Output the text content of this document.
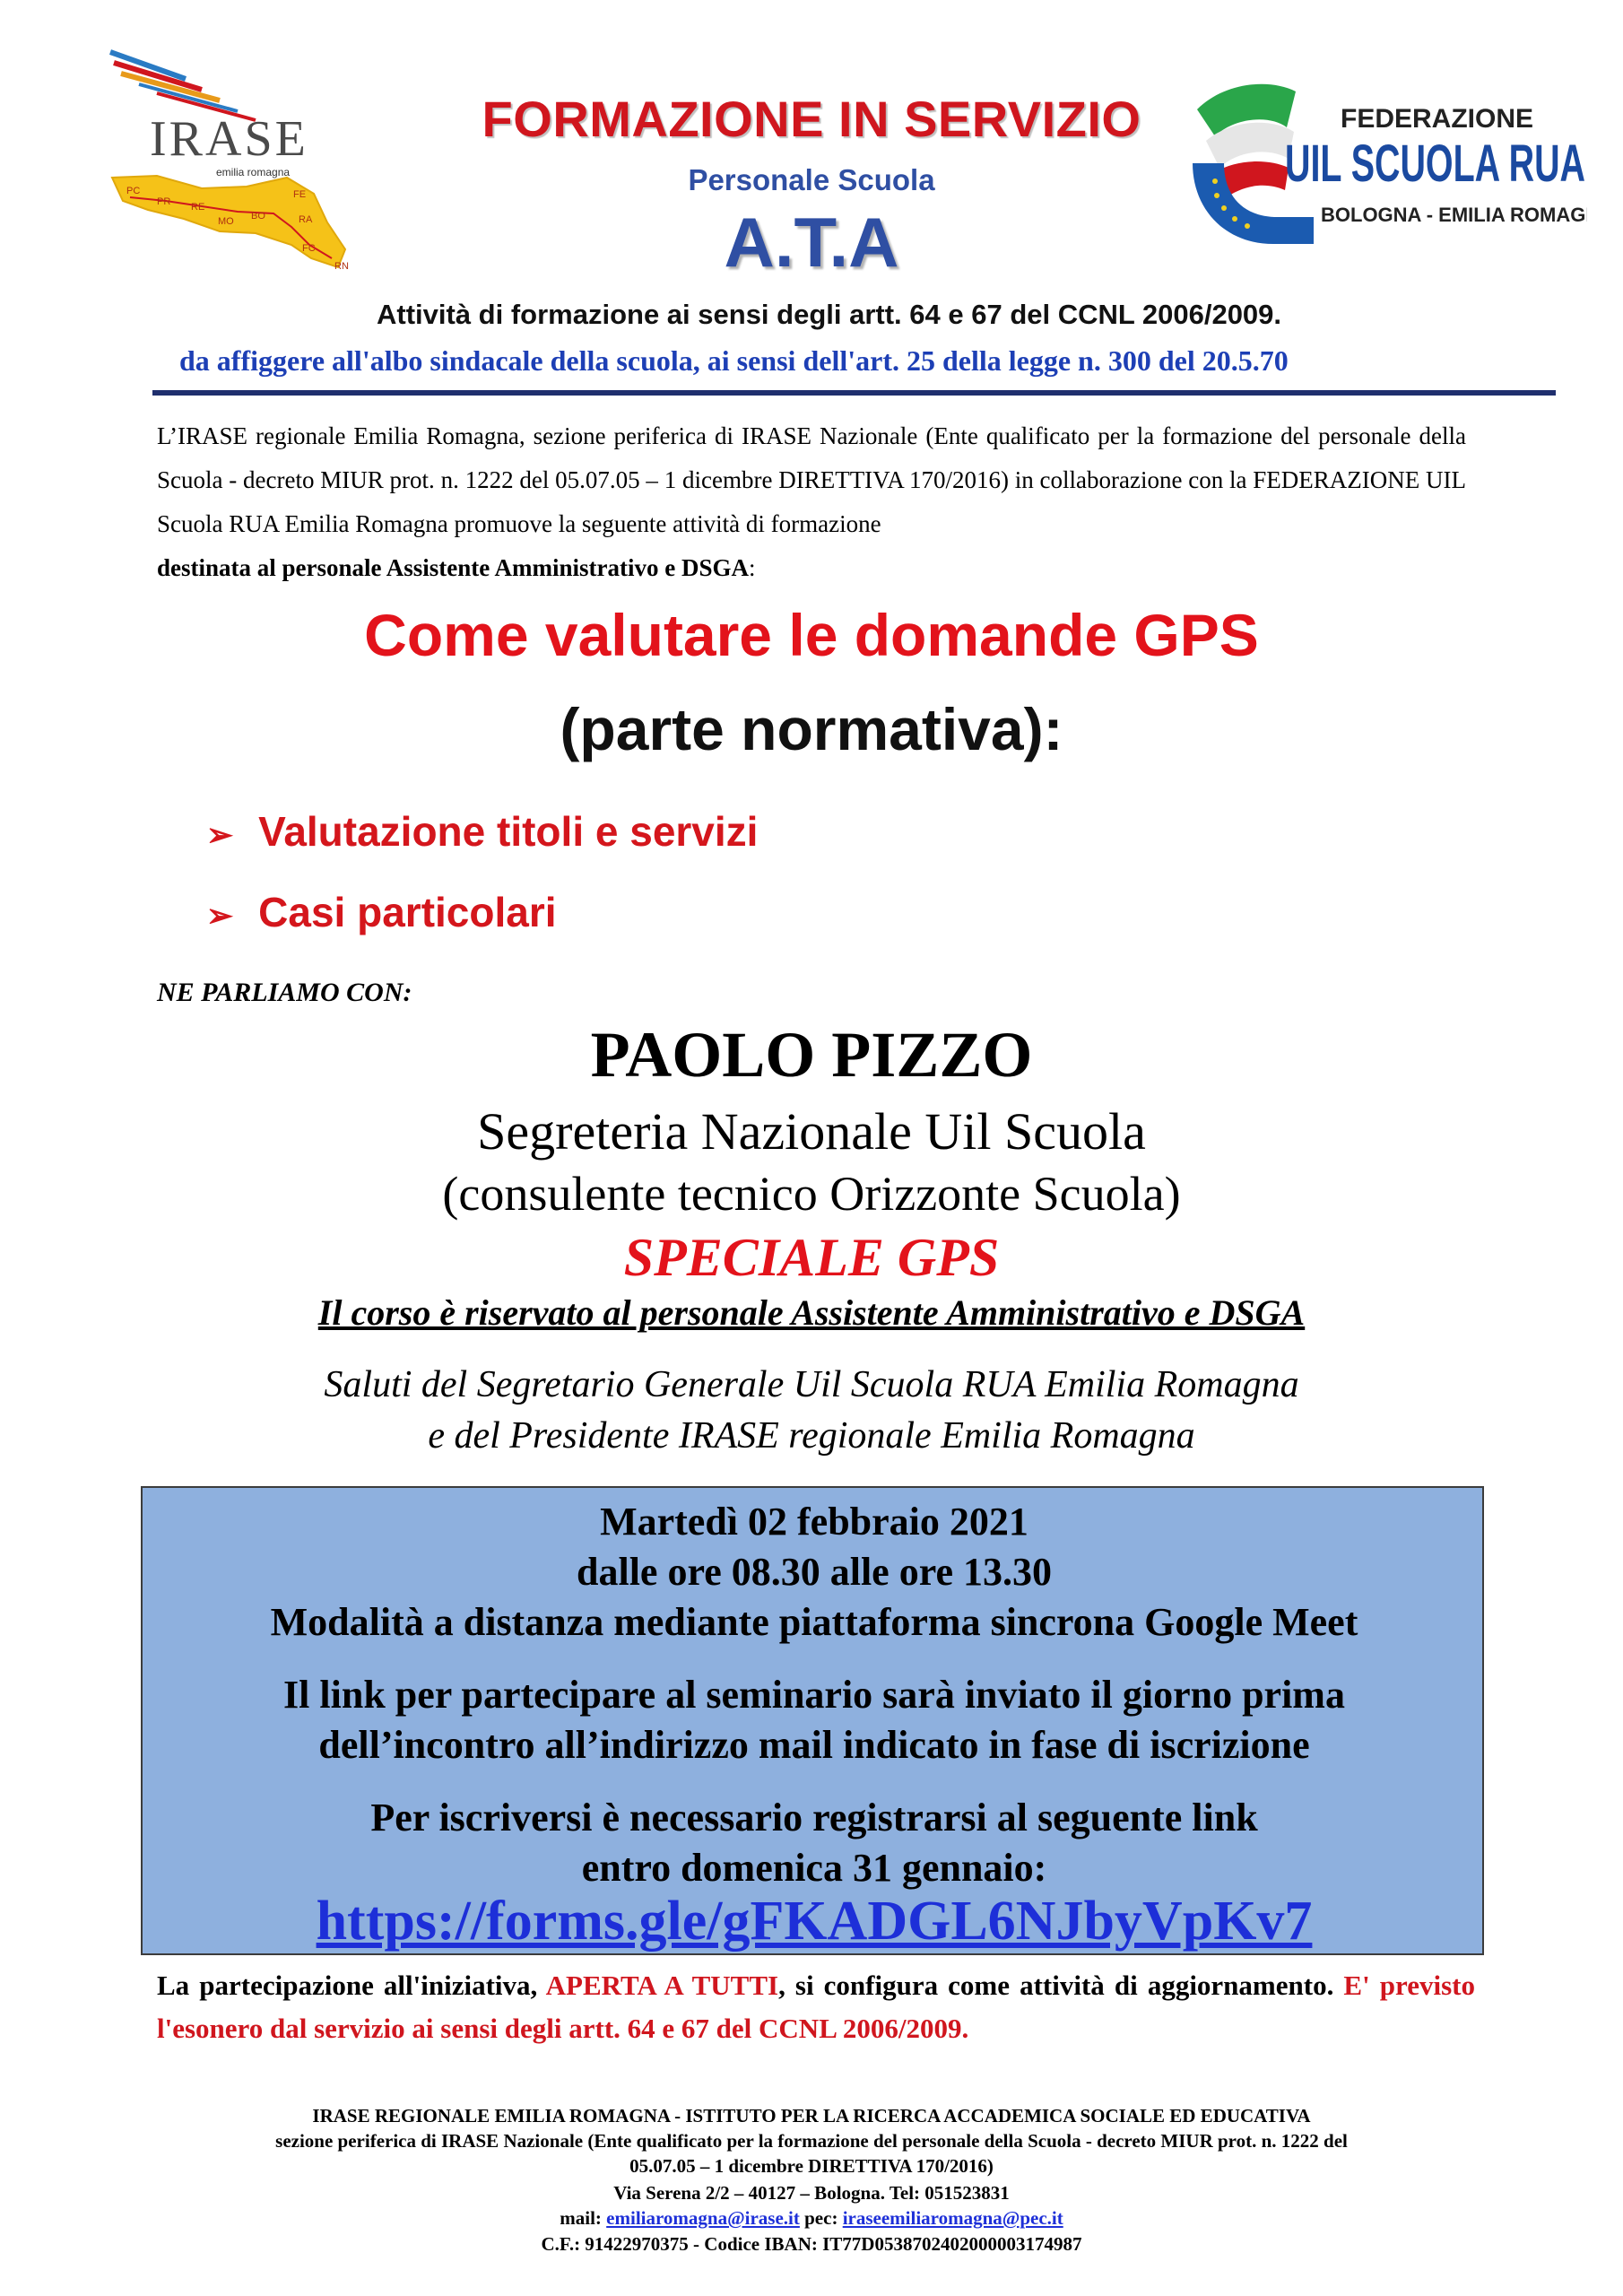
PC
PR RE
MO BO
FE
RA
FC
RN
IRASE
emilia romagna
FEDERAZIONE
UIL SCUOLA RUA
BOLOGNA - EMILIA ROMAGNA
FORMAZIONE IN SERVIZIO
Personale Scuola
A.T.A
Attività di formazione ai sensi degli artt. 64 e 67 del CCNL 2006/2009.
da affiggere all'albo sindacale della scuola, ai sensi dell'art. 25 della legge n. 300 del 20.5.70

L’IRASE regionale Emilia Romagna, sezione periferica di IRASE Nazionale (Ente qualificato per la formazione del personale della Scuola - decreto MIUR prot. n. 1222 del 05.07.05 – 1 dicembre DIRETTIVA 170/2016) in collaborazione con la FEDERAZIONE UIL Scuola RUA Emilia Romagna promuove la seguente attività di formazione

destinata al personale Assistente Amministrativo e DSGA:

Come valutare le domande GPS
(parte normativa):
➢ Valutazione titoli e servizi
➢ Casi particolari
NE PARLIAMO CON:
PAOLO PIZZO
Segreteria Nazionale Uil Scuola
(consulente tecnico Orizzonte Scuola)
SPECIALE GPS
Il corso è riservato al personale Assistente Amministrativo e DSGA
Saluti del Segretario Generale Uil Scuola RUA Emilia Romagna
e del Presidente IRASE regionale Emilia Romagna
Martedì 02 febbraio 2021
dalle ore 08.30 alle ore 13.30
Modalità a distanza mediante piattaforma sincrona Google Meet
Il link per partecipare al seminario sarà inviato il giorno prima
dell’incontro all’indirizzo mail indicato in fase di iscrizione
Per iscriversi è necessario registrarsi al seguente link
entro domenica 31 gennaio:
https://forms.gle/gFKADGL6NJbyVpKv7

La partecipazione all'iniziativa, APERTA A TUTTI, si configura come attività di aggiornamento. E' previsto l'esonero dal servizio ai sensi degli artt. 64 e 67 del CCNL 2006/2009.

IRASE REGIONALE EMILIA ROMAGNA - ISTITUTO PER LA RICERCA ACCADEMICA SOCIALE ED EDUCATIVA
sezione periferica di IRASE Nazionale (Ente qualificato per la formazione del personale della Scuola - decreto MIUR prot. n. 1222 del
05.07.05 – 1 dicembre DIRETTIVA 170/2016)
Via Serena 2/2 – 40127 – Bologna. Tel: 051523831
mail: emiliaromagna@irase.it pec: iraseemiliaromagna@pec.it
C.F.: 91422970375 - Codice IBAN: IT77D0538702402000003174987
